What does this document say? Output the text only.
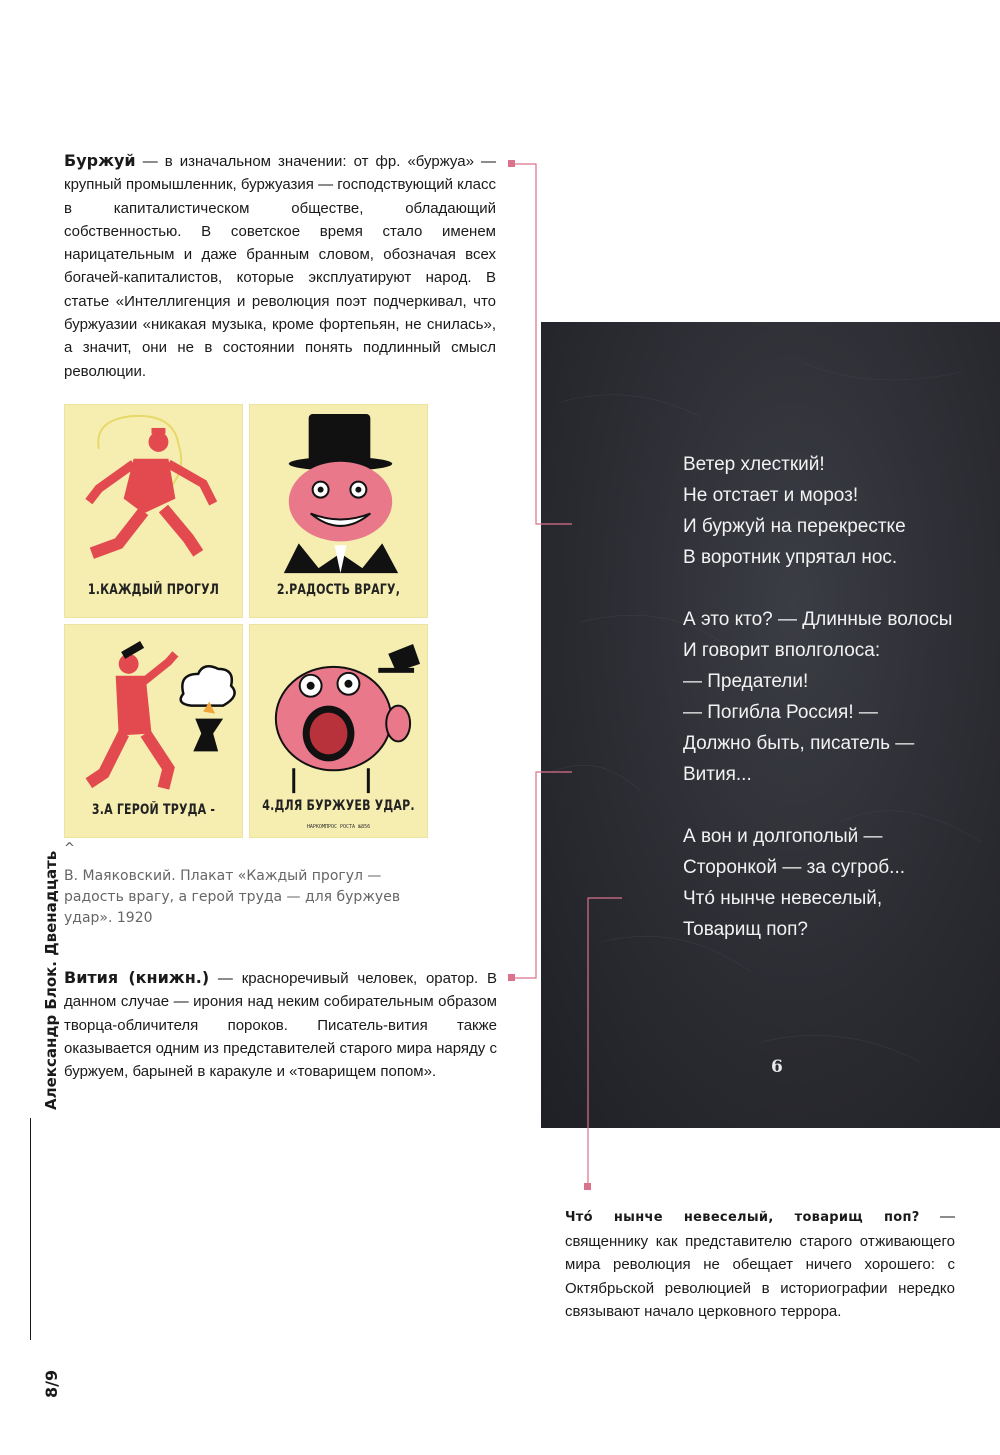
Буржуй — в изначальном значении: от фр. «буржуа» — крупный промышленник, буржуазия — господствующий класс в капиталистическом обществе, обладающий собственностью. В советское время стало именем нарицательным и даже бранным словом, обозначая всех богачей-капиталистов, которые эксплуатируют народ. В статье «Интеллигенция и революция поэт подчеркивал, что буржуазии «никакая музыка, кроме фортепьян, не снилась», а значит, они не в состоянии понять подлинный смысл революции.

Вития (книжн.) — красноречивый человек, оратор. В данном случае — ирония над неким собирательным образом творца-обличителя пороков. Писатель-вития также оказывается одним из представителей старого мира наряду с буржуем, барыней в каракуле и «товарищем попом».

Чтó нынче невеселый, товарищ поп? — священнику как представителю старого отживающего мира революция не обещает ничего хорошего: с Октябрьской революцией в историографии нередко связывают начало церковного террора.

1.КАЖДЫЙ ПРОГУЛ	2.РАДОСТЬ ВРАГУ,
3.А ГЕРОЙ ТРУДА -	4.ДЛЯ БУРЖУЕВ УДАР.
НАРКОМПРОС РОСТА №856
^
В. Маяковский. Плакат «Каждый прогул — радость врагу, а герой труда — для буржуев удар». 1920
Ветер хлесткий!
Не отстает и мороз!
И буржуй на перекрестке
В воротник упрятал нос.
А это кто? — Длинные волосы
И говорит вполголоса:
— Предатели!
— Погибла Россия! —
Должно быть, писатель —
Вития...
А вон и долгополый —
Сторонкой — за сугроб...
Чтó нынче невеселый,
Товарищ поп?
6
Александр Блок. Двенадцать
8/9
